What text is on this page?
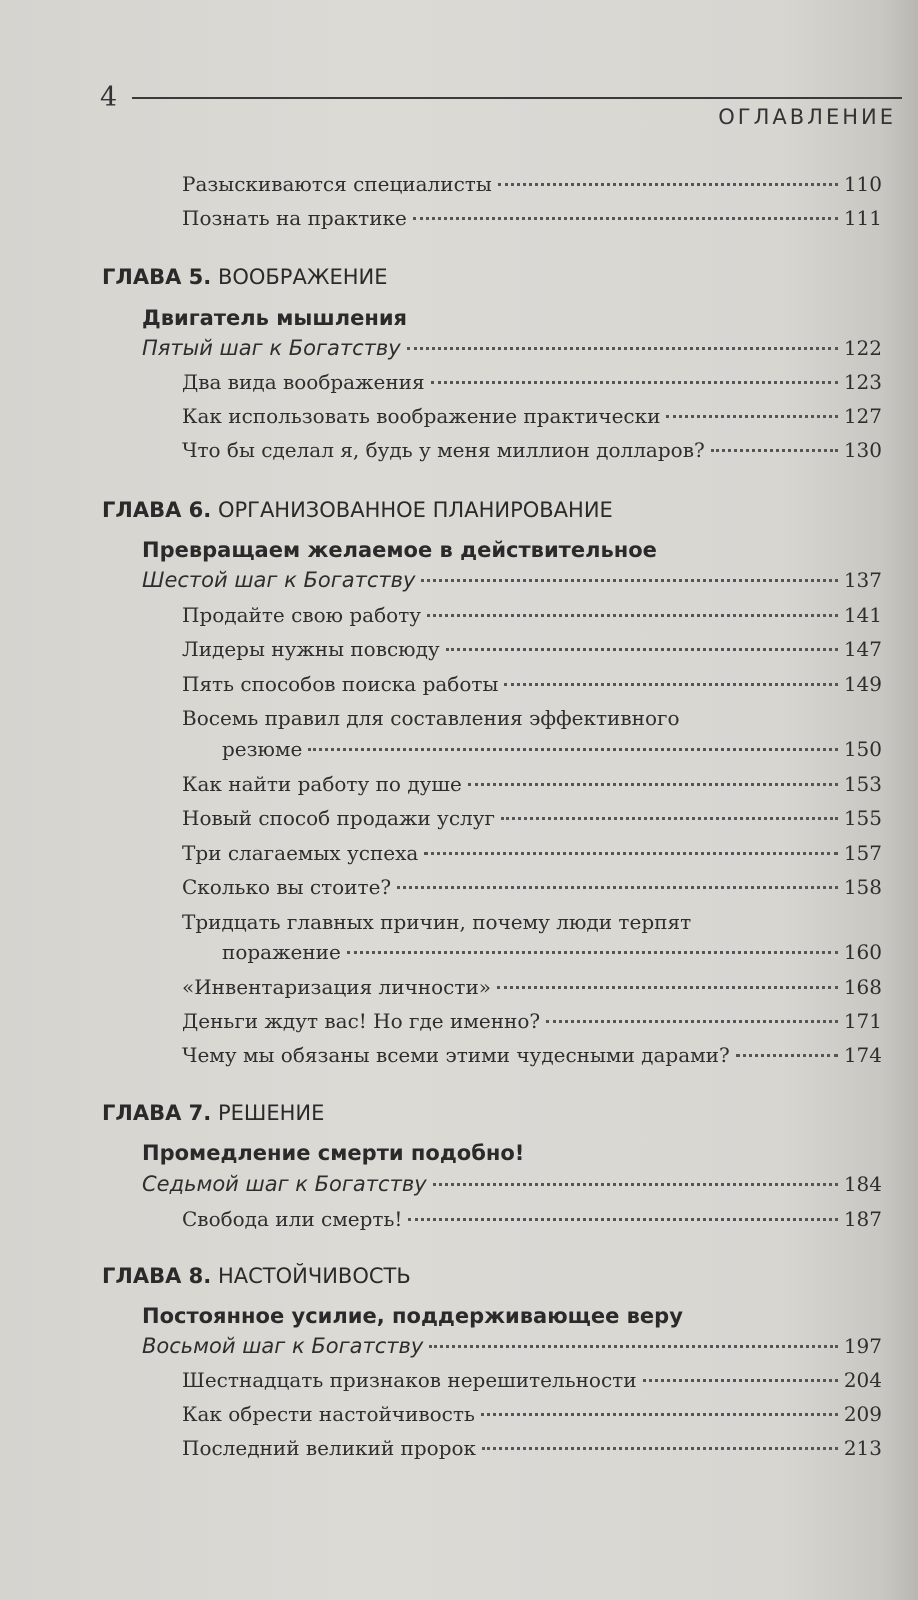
4
ОГЛАВЛЕНИЕ
Разыскиваются специалисты	110
Познать на практике	111
ГЛАВА 5. ВООБРАЖЕНИЕ
Двигатель мышления
Пятый шаг к Богатству	122
Два вида воображения	123
Как использовать воображение практически	127
Что бы сделал я, будь у меня миллион долларов?	130
ГЛАВА 6. ОРГАНИЗОВАННОЕ ПЛАНИРОВАНИЕ
Превращаем желаемое в действительное
Шестой шаг к Богатству	137
Продайте свою работу	141
Лидеры нужны повсюду	147
Пять способов поиска работы	149
Восемь правил для составления эффективного
резюме	150
Как найти работу по душе	153
Новый способ продажи услуг	155
Три слагаемых успеха	157
Сколько вы стоите?	158
Тридцать главных причин, почему люди терпят
поражение	160
«Инвентаризация личности»	168
Деньги ждут вас! Но где именно?	171
Чему мы обязаны всеми этими чудесными дарами?	174
ГЛАВА 7. РЕШЕНИЕ
Промедление смерти подобно!
Седьмой шаг к Богатству	184
Свобода или смерть!	187
ГЛАВА 8. НАСТОЙЧИВОСТЬ
Постоянное усилие, поддерживающее веру
Восьмой шаг к Богатству	197
Шестнадцать признаков нерешительности	204
Как обрести настойчивость	209
Последний великий пророк	213
